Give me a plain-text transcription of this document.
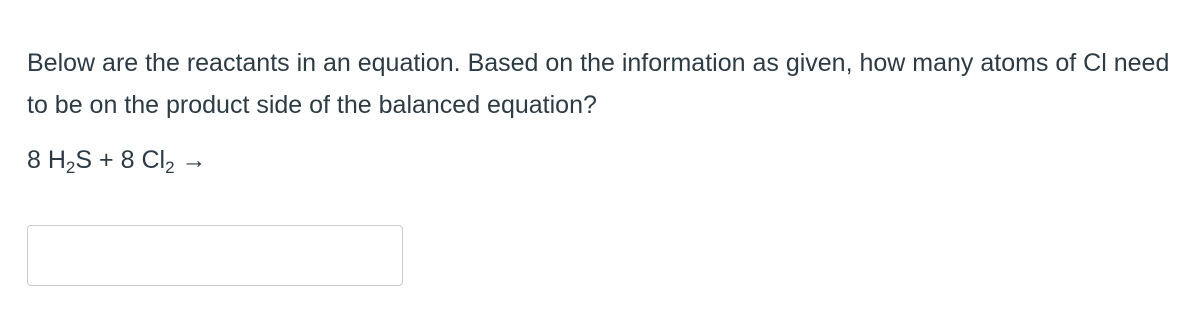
Below are the reactants in an equation. Based on the information as given, how many atoms of Cl need to be on the product side of the balanced equation?

8 $H_2S + 8$ $Cl_2$ →
